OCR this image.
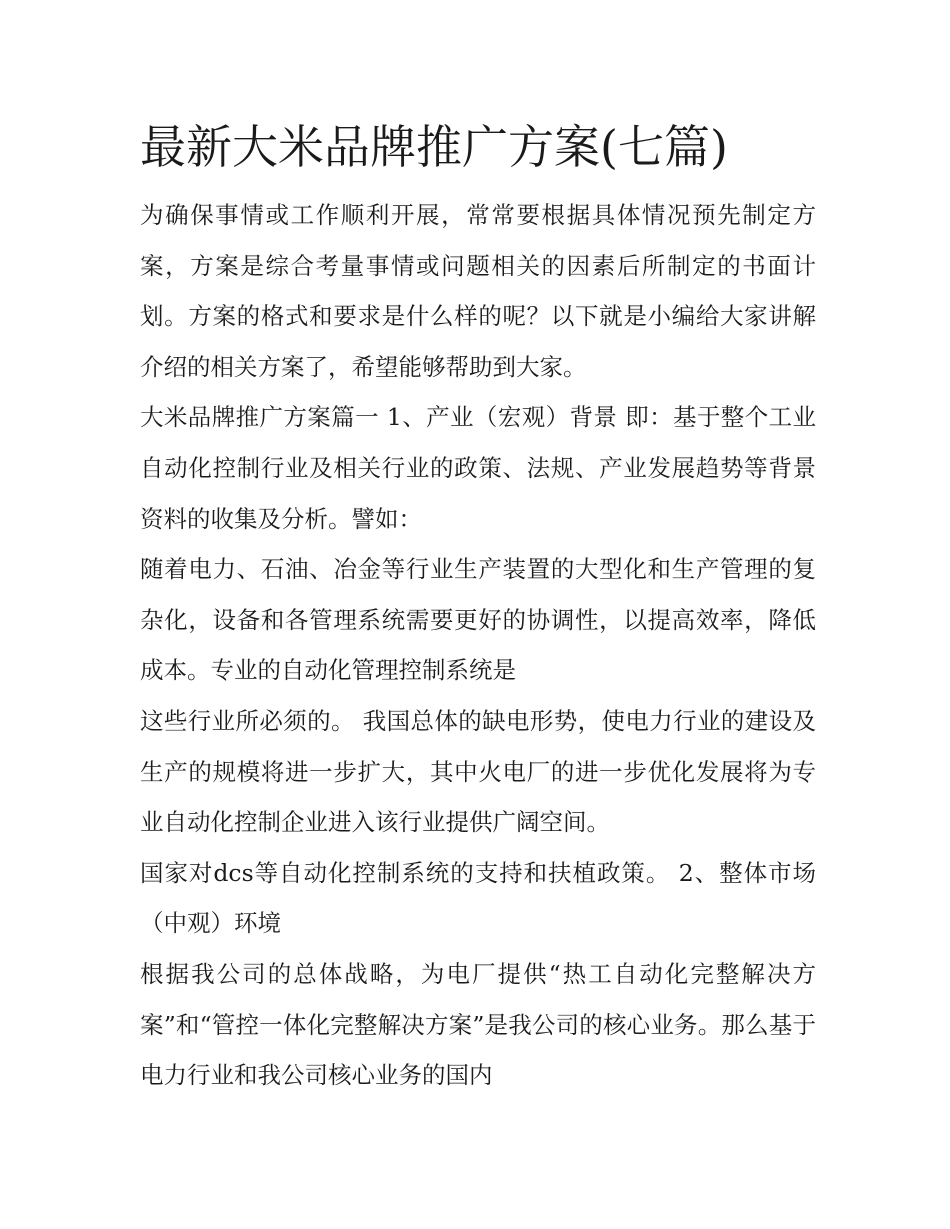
最新大米品牌推广方案(七篇)

为确保事情或工作顺利开展，常常要根据具体情况预先制定方案，方案是综合考量事情或问题相关的因素后所制定的书面计划。方案的格式和要求是什么样的呢？以下就是小编给大家讲解介绍的相关方案了，希望能够帮助到大家。

大米品牌推广方案篇一 1、产业（宏观）背景 即：基于整个工业自动化控制行业及相关行业的政策、法规、产业发展趋势等背景资料的收集及分析。譬如：

随着电力、石油、冶金等行业生产装置的大型化和生产管理的复杂化，设备和各管理系统需要更好的协调性，以提高效率，降低成本。专业的自动化管理控制系统是

这些行业所必须的。 我国总体的缺电形势，使电力行业的建设及生产的规模将进一步扩大，其中火电厂的进一步优化发展将为专业自动化控制企业进入该行业提供广阔空间。

国家对dcs等自动化控制系统的支持和扶植政策。 2、整体市场（中观）环境

根据我公司的总体战略，为电厂提供“热工自动化完整解决方案”和“管控一体化完整解决方案”是我公司的核心业务。那么基于电力行业和我公司核心业务的国内
